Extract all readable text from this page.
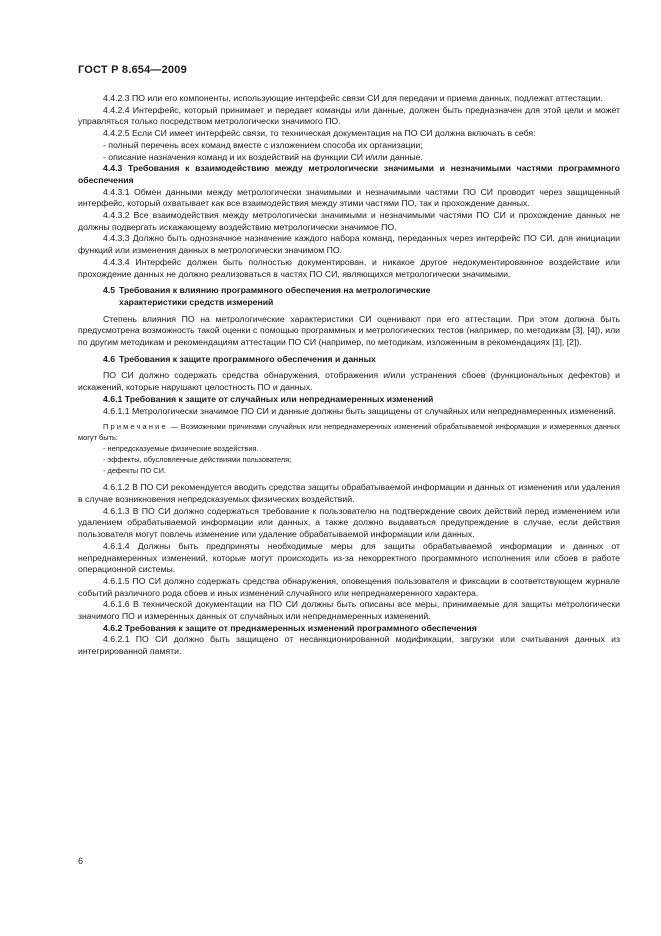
ГОСТ Р 8.654—2009

4.4.2.3 ПО или его компоненты, использующие интерфейс связи СИ для передачи и приема данных, подлежат аттестации.

4.4.2.4 Интерфейс, который принимает и передает команды или данные, должен быть предназначен для этой цели и может управляться только посредством метрологически значимого ПО.

4.4.2.5 Если СИ имеет интерфейс связи, то техническая документация на ПО СИ должна включать в себя:

- полный перечень всех команд вместе с изложением способа их организации;

- описание назначения команд и их воздействий на функции СИ и/или данные.

4.4.3 Требования к взаимодействию между метрологически значимыми и незначимыми частями программного обеспечения

4.4.3.1 Обмен данными между метрологически значимыми и незначимыми частями ПО СИ проводит через защищенный интерфейс, который охватывает как все взаимодействия между этими частями ПО, так и прохождение данных.

4.4.3.2 Все взаимодействия между метрологически значимыми и незначимыми частями ПО СИ и прохождение данных не должны подвергать искажающему воздействию метрологически значимое ПО.

4.4.3.3 Должно быть однозначное назначение каждого набора команд, переданных через интерфейс ПО СИ, для инициации функций или изменения данных в метрологически значимом ПО.

4.4.3.4 Интерфейс должен быть полностью документирован, и никакое другое недокументированное воздействие или прохождение данных не должно реализоваться в частях ПО СИ, являющихся метрологически значимыми.

4.5 Требования к влиянию программного обеспечения на метрологические
характеристики средств измерений

Степень влияния ПО на метрологические характеристики СИ оценивают при его аттестации. При этом должна быть предусмотрена возможность такой оценки с помощью программных и метрологических тестов (например, по методикам [3], [4]), или по другим методикам и рекомендациям аттестации ПО СИ (например, по методикам, изложенным в рекомендациях [1], [2]).

4.6 Требования к защите программного обеспечения и данных

ПО СИ должно содержать средства обнаружения, отображения и/или устранения сбоев (функциональных дефектов) и искажений, которые нарушают целостность ПО и данных.

4.6.1 Требования к защите от случайных или непреднамеренных изменений

4.6.1.1 Метрологически значимое ПО СИ и данные должны быть защищены от случайных или непреднамеренных изменений.

Примечание — Возможными причинами случайных или непреднамеренных изменений обрабатываемой информации и измеренных данных могут быть:

- непредсказуемые физические воздействия.

- эффекты, обусловленные действиями пользователя;

- дефекты ПО СИ.

4.6.1.2 В ПО СИ рекомендуется вводить средства защиты обрабатываемой информации и данных от изменения или удаления в случае возникновения непредсказуемых физических воздействий.

4.6.1.3 В ПО СИ должно содержаться требование к пользователю на подтверждение своих действий перед изменением или удалением обрабатываемой информации или данных, а также должно выдаваться предупреждение в случае, если действия пользователя могут повлечь изменение или удаление обрабатываемой информации или данных.

4.6.1.4 Должны быть предприняты необходимые меры для защиты обрабатываемой информации и данных от непреднамеренных изменений, которые могут происходить из-за некорректного программного исполнения или сбоев в работе операционной системы.

4.6.1.5 ПО СИ должно содержать средства обнаружения, оповещения пользователя и фиксации в соответствующем журнале событий различного рода сбоев и иных изменений случайного или непреднамеренного характера.

4.6.1.6 В технической документации на ПО СИ должны быть описаны все меры, принимаемые для защиты метрологически значимого ПО и измеренных данных от случайных или непреднамеренных изменений.

4.6.2 Требования к защите от преднамеренных изменений программного обеспечения

4.6.2.1 ПО СИ должно быть защищено от несанкционированной модификации, загрузки или считывания данных из интегрированной памяти.

6
